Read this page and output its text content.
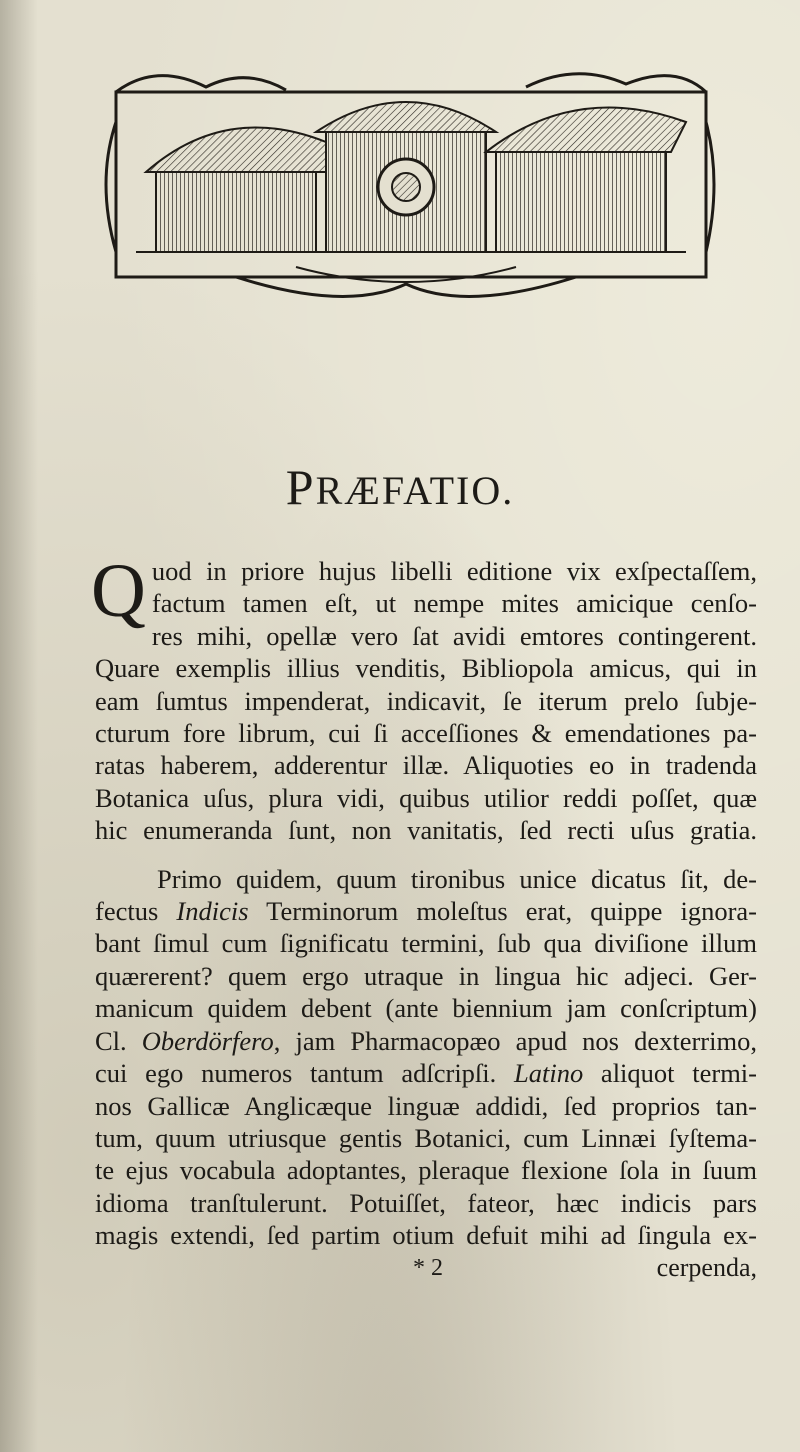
PRÆFATIO.
Q uod in priore hujus libelli editione vix exſpectaſſem,
factum tamen eſt, ut nempe mites amicique cenſo-
res mihi, opellæ vero ſat avidi emtores contingerent.
Quare exemplis illius venditis, Bibliopola amicus, qui in
eam ſumtus impenderat, indicavit, ſe iterum prelo ſubje-
cturum fore librum, cui ſi acceſſiones & emendationes pa-
ratas haberem, adderentur illæ. Aliquoties eo in tradenda
Botanica uſus, plura vidi, quibus utilior reddi poſſet, quæ
hic enumeranda ſunt, non vanitatis, ſed recti uſus gratia.
Primo quidem, quum tironibus unice dicatus ſit, de-
fectus Indicis Terminorum moleſtus erat, quippe ignora-
bant ſimul cum ſignificatu termini, ſub qua diviſione illum
quærerent? quem ergo utraque in lingua hic adjeci. Ger-
manicum quidem debent (ante biennium jam conſcriptum)
Cl. Oberdörfero, jam Pharmacopæo apud nos dexterrimo,
cui ego numeros tantum adſcripſi. Latino aliquot termi-
nos Gallicæ Anglicæque linguæ addidi, ſed proprios tan-
tum, quum utriusque gentis Botanici, cum Linnæi ſyſtema-
te ejus vocabula adoptantes, pleraque flexione ſola in ſuum
idioma tranſtulerunt. Potuiſſet, fateor, hæc indicis pars
magis extendi, ſed partim otium defuit mihi ad ſingula ex-
* 2	cerpenda,
